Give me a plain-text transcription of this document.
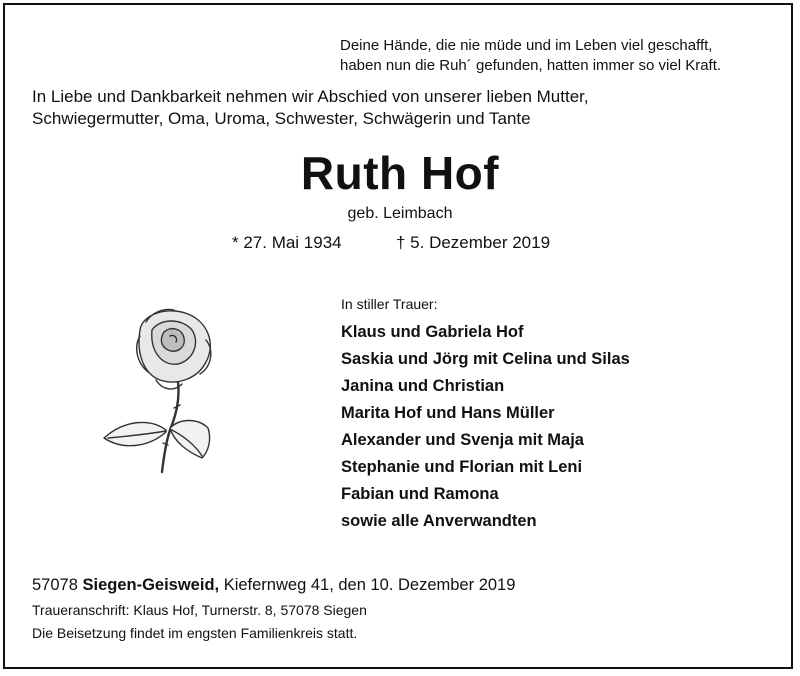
Deine Hände, die nie müde und im Leben viel geschafft,
haben nun die Ruh´ gefunden, hatten immer so viel Kraft.
In Liebe und Dankbarkeit nehmen wir Abschied von unserer lieben Mutter,
Schwiegermutter, Oma, Uroma, Schwester, Schwägerin und Tante
Ruth Hof
geb. Leimbach
* 27. Mai 1934	† 5. Dezember 2019
In stiller Trauer:
Klaus und Gabriela Hof
Saskia und Jörg mit Celina und Silas
Janina und Christian
Marita Hof und Hans Müller
Alexander und Svenja mit Maja
Stephanie und Florian mit Leni
Fabian und Ramona
sowie alle Anverwandten
57078 Siegen-Geisweid, Kiefernweg 41, den 10. Dezember 2019
Traueranschrift: Klaus Hof, Turnerstr. 8, 57078 Siegen
Die Beisetzung findet im engsten Familienkreis statt.
